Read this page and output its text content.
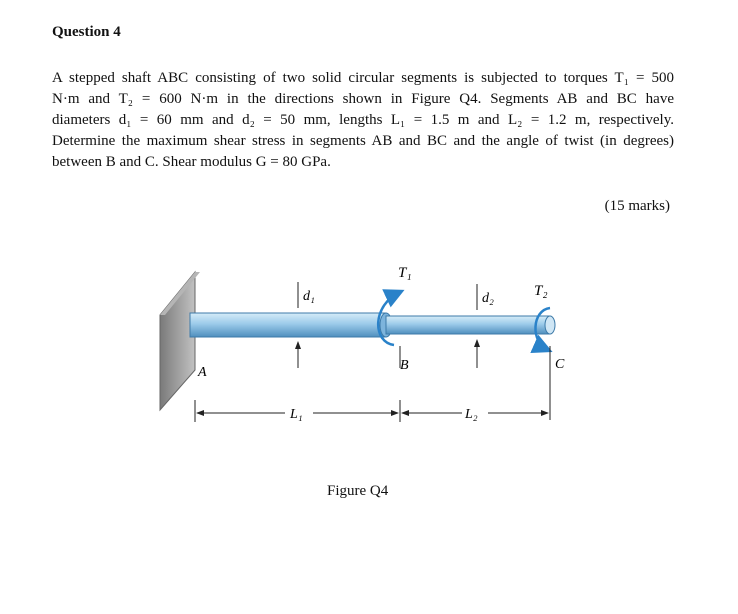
Question 4
A stepped shaft ABC consisting of two solid circular segments is subjected to torques T₁ = 500
N·m and T₂ = 600 N·m in the directions shown in Figure Q4. Segments AB and BC have
diameters d₁ = 60 mm and d₂ = 50 mm, lengths L₁ = 1.5 m and L₂ = 1.2 m, respectively.
Determine the maximum shear stress in segments AB and BC and the angle of twist (in degrees)
between B and C. Shear modulus G = 80 GPa.
(15 marks)
T₁
T₂
d₁	d₂
A	B	C
L₁	L₂
Figure Q4
